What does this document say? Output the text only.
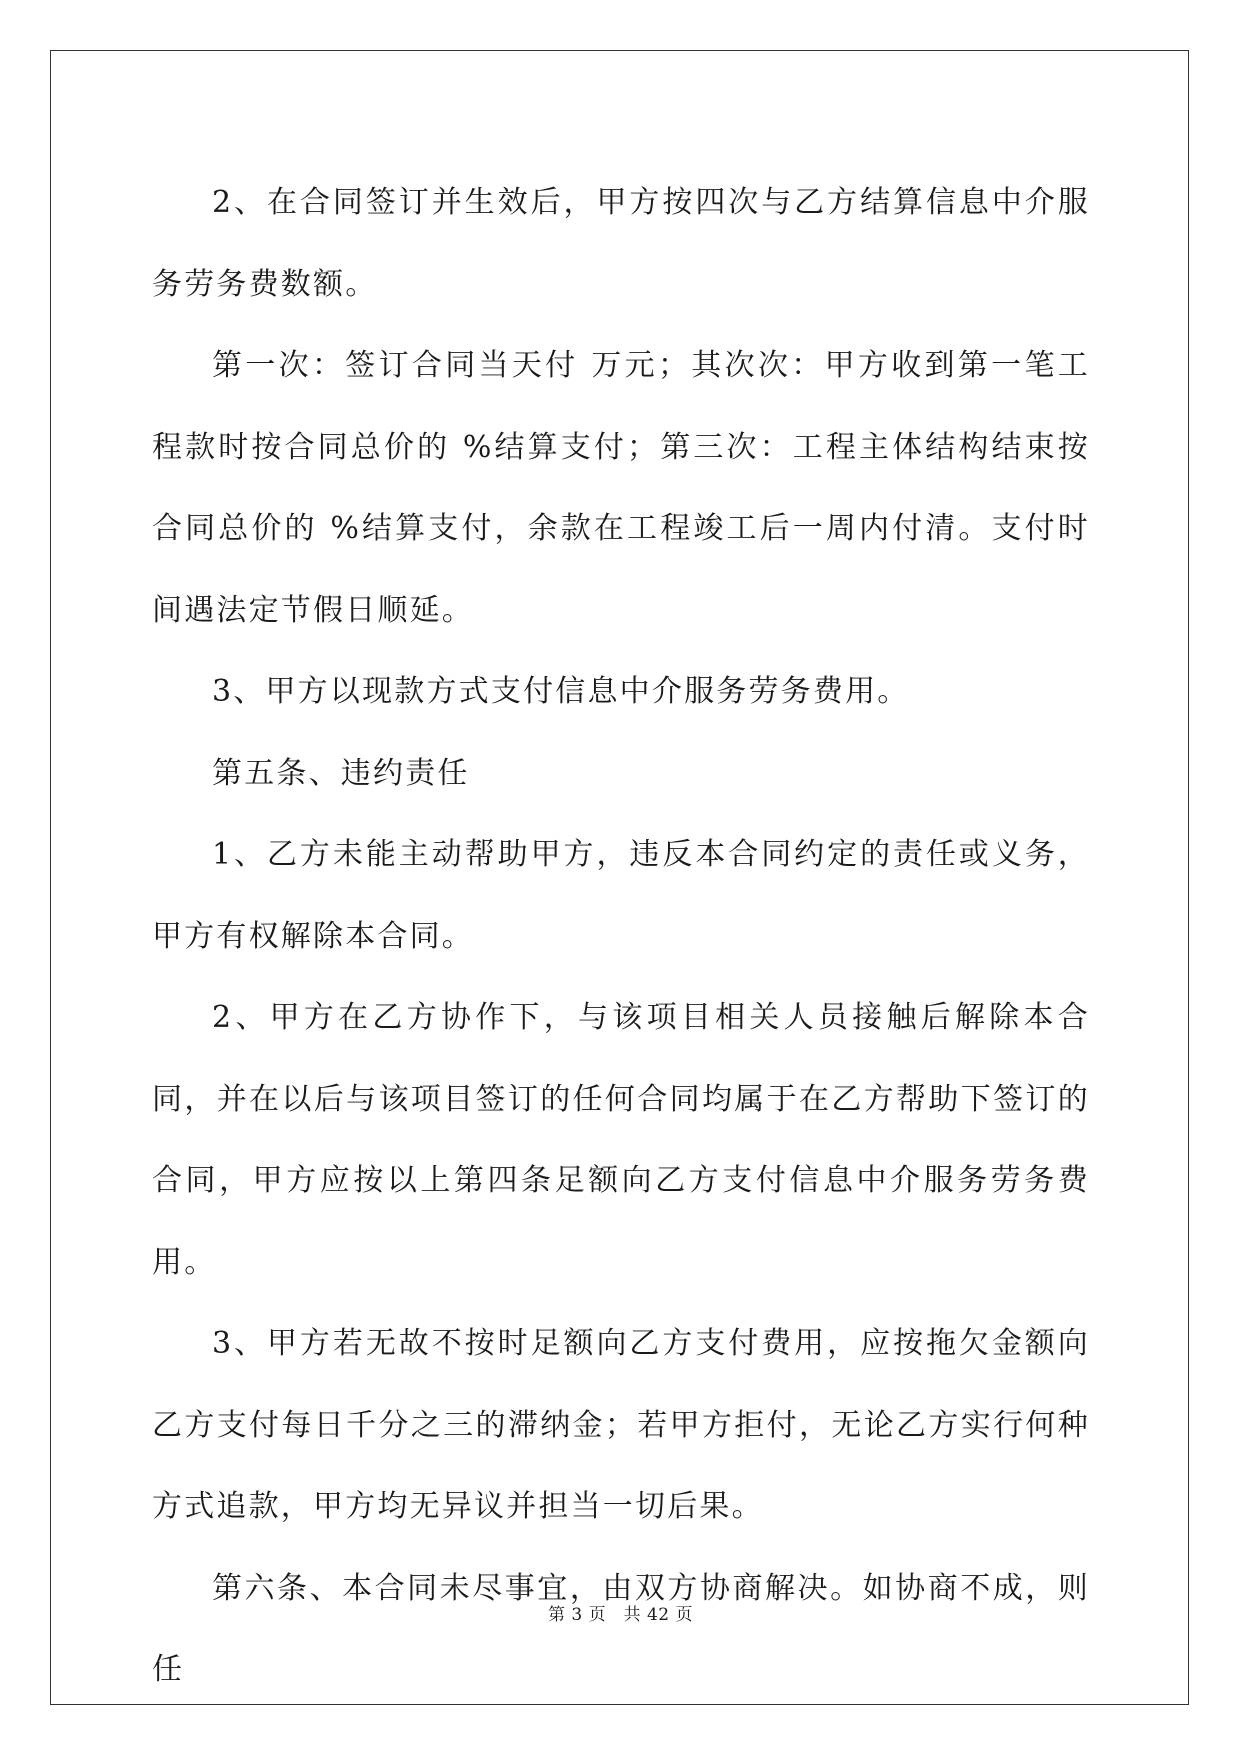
2、在合同签订并生效后，甲方按四次与乙方结算信息中介服务劳务费数额。

第一次：签订合同当天付 万元；其次次：甲方收到第一笔工程款时按合同总价的 %结算支付；第三次：工程主体结构结束按合同总价的 %结算支付，余款在工程竣工后一周内付清。支付时间遇法定节假日顺延。

3、甲方以现款方式支付信息中介服务劳务费用。

第五条、违约责任

1、乙方未能主动帮助甲方，违反本合同约定的责任或义务，甲方有权解除本合同。

2、甲方在乙方协作下，与该项目相关人员接触后解除本合同，并在以后与该项目签订的任何合同均属于在乙方帮助下签订的合同，甲方应按以上第四条足额向乙方支付信息中介服务劳务费用。

3、甲方若无故不按时足额向乙方支付费用，应按拖欠金额向乙方支付每日千分之三的滞纳金；若甲方拒付，无论乙方实行何种方式追款，甲方均无异议并担当一切后果。

第六条、本合同未尽事宜，由双方协商解决。如协商不成，则任

第 3 页　共 42 页
